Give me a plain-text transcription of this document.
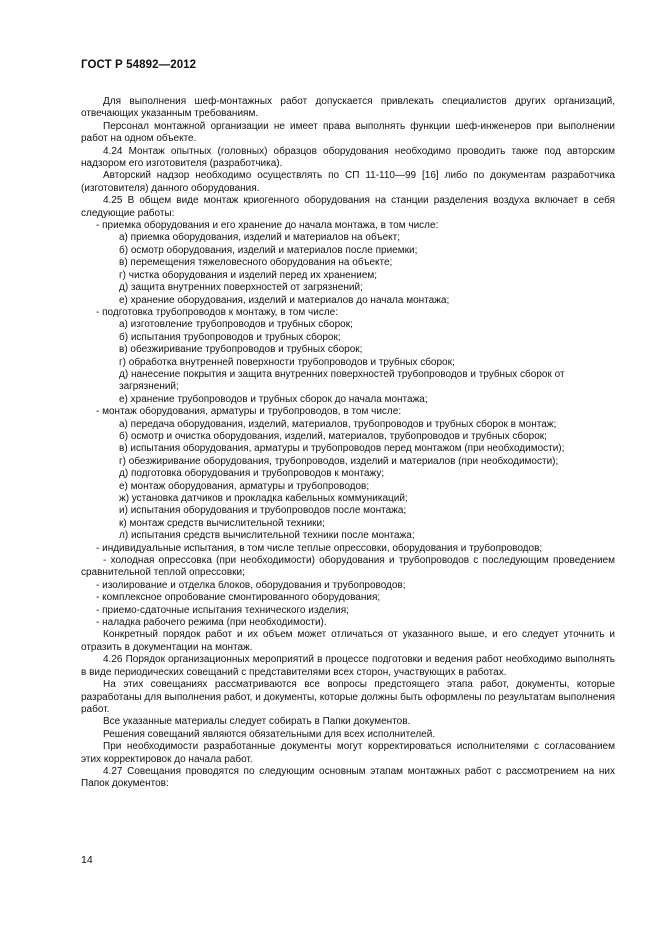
ГОСТ Р 54892—2012

Для выполнения шеф-монтажных работ допускается привлекать специалистов других организаций, отвечающих указанным требованиям.

Персонал монтажной организации не имеет права выполнять функции шеф-инженеров при выполнении работ на одном объекте.

4.24 Монтаж опытных (головных) образцов оборудования необходимо проводить также под авторским надзором его изготовителя (разработчика).

Авторский надзор необходимо осуществлять по СП 11-110—99 [16] либо по документам разработчика (изготовителя) данного оборудования.

4.25 В общем виде монтаж криогенного оборудования на станции разделения воздуха включает в себя следующие работы:

- приемка оборудования и его хранение до начала монтажа, в том числе:

а) приемка оборудования, изделий и материалов на объект;

б) осмотр оборудования, изделий и материалов после приемки;

в) перемещения тяжеловесного оборудования на объекте;

г) чистка оборудования и изделий перед их хранением;

д) защита внутренних поверхностей от загрязнений;

е) хранение оборудования, изделий и материалов до начала монтажа;

- подготовка трубопроводов к монтажу, в том числе:

а) изготовление трубопроводов и трубных сборок;

б) испытания трубопроводов и трубных сборок;

в) обезжиривание трубопроводов и трубных сборок;

г) обработка внутренней поверхности трубопроводов и трубных сборок;

д) нанесение покрытия и защита внутренних поверхностей трубопроводов и трубных сборок от загрязнений;

е) хранение трубопроводов и трубных сборок до начала монтажа;

- монтаж оборудования, арматуры и трубопроводов, в том числе:

а) передача оборудования, изделий, материалов, трубопроводов и трубных сборок в монтаж;

б) осмотр и очистка оборудования, изделий, материалов, трубопроводов и трубных сборок;

в) испытания оборудования, арматуры и трубопроводов перед монтажом (при необходимости);

г) обезжиривание оборудования, трубопроводов, изделий и материалов (при необходимости);

д) подготовка оборудования и трубопроводов к монтажу;

е) монтаж оборудования, арматуры и трубопроводов;

ж) установка датчиков и прокладка кабельных коммуникаций;

и) испытания оборудования и трубопроводов после монтажа;

к) монтаж средств вычислительной техники;

л) испытания средств вычислительной техники после монтажа;

- индивидуальные испытания, в том числе теплые опрессовки, оборудования и трубопроводов;

- холодная опрессовка (при необходимости) оборудования и трубопроводов с последующим проведением сравнительной теплой опрессовки;

- изолирование и отделка блоков, оборудования и трубопроводов;

- комплексное опробование смонтированного оборудования;

- приемо-сдаточные испытания технического изделия;

- наладка рабочего режима (при необходимости).

Конкретный порядок работ и их объем может отличаться от указанного выше, и его следует уточнить и отразить в документации на монтаж.

4.26 Порядок организационных мероприятий в процессе подготовки и ведения работ необходимо выполнять в виде периодических совещаний с представителями всех сторон, участвующих в работах.

На этих совещаниях рассматриваются все вопросы предстоящего этапа работ, документы, которые разработаны для выполнения работ, и документы, которые должны быть оформлены по результатам выполнения работ.

Все указанные материалы следует собирать в Папки документов.

Решения совещаний являются обязательными для всех исполнителей.

При необходимости разработанные документы могут корректироваться исполнителями с согласованием этих корректировок до начала работ.

4.27 Совещания проводятся по следующим основным этапам монтажных работ с рассмотрением на них Папок документов:

14
